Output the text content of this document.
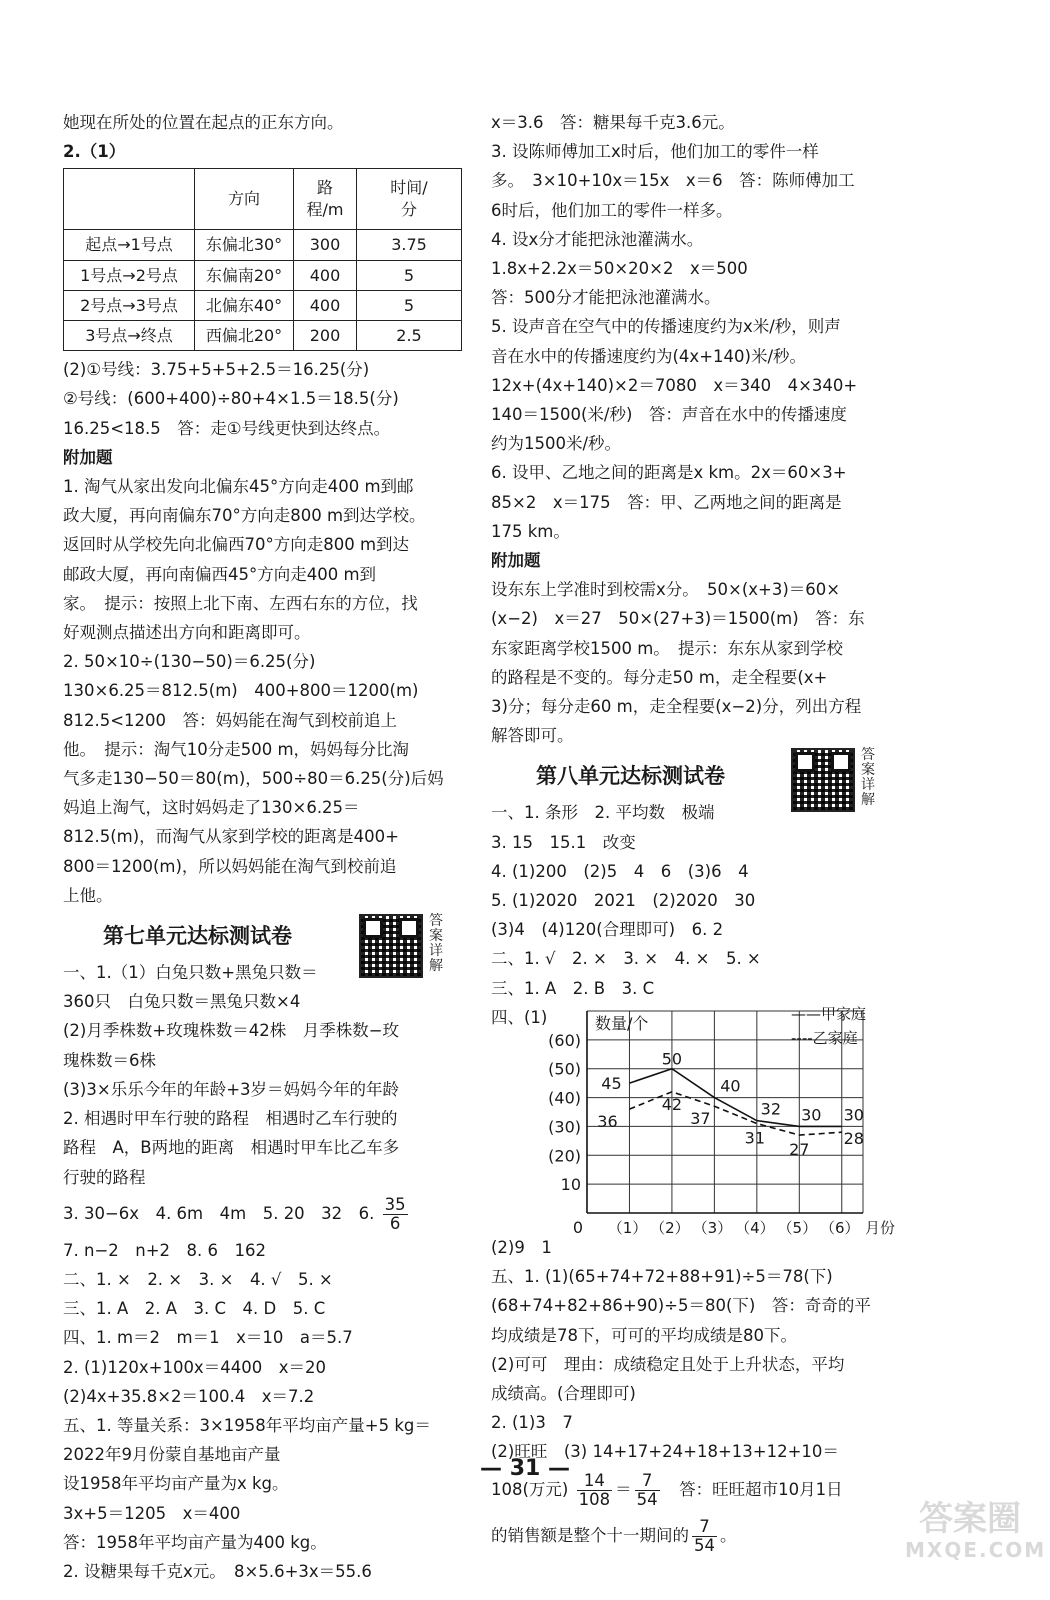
她现在所处的位置在起点的正东方向。
2.（1）
	方向	路程/m	时间/分
起点→1号点	东偏北30°	300	3.75
1号点→2号点	东偏南20°	400	5
2号点→3号点	北偏东40°	400	5
3号点→终点	西偏北20°	200	2.5
(2)①号线：3.75+5+5+2.5＝16.25(分)
②号线：(600+400)÷80+4×1.5＝18.5(分)
16.25<18.5　答：走①号线更快到达终点。
附加题
1. 淘气从家出发向北偏东45°方向走400 m到邮
政大厦，再向南偏东70°方向走800 m到达学校。
返回时从学校先向北偏西70°方向走800 m到达
邮政大厦，再向南偏西45°方向走400 m到
家。　提示：按照上北下南、左西右东的方位，找
好观测点描述出方向和距离即可。
2. 50×10÷(130−50)＝6.25(分)
130×6.25＝812.5(m)　400+800＝1200(m)
812.5<1200　答：妈妈能在淘气到校前追上
他。　提示：淘气10分走500 m，妈妈每分比淘
气多走130−50＝80(m)，500÷80＝6.25(分)后妈
妈追上淘气，这时妈妈走了130×6.25＝
812.5(m)，而淘气从家到学校的距离是400+
800＝1200(m)，所以妈妈能在淘气到校前追
上他。
第七单元达标测试卷
答案详解
一、1.（1）白兔只数+黑兔只数＝
360只　白兔只数＝黑兔只数×4
(2)月季株数+玫瑰株数＝42株　月季株数−玫
瑰株数＝6株
(3)3×乐乐今年的年龄+3岁＝妈妈今年的年龄
2. 相遇时甲车行驶的路程　相遇时乙车行驶的
路程　A，B两地的距离　相遇时甲车比乙车多
行驶的路程
3. 30−6x　4. 6m　4m　5. 20　32　6. $\frac{35}{6}$
7. n−2　n+2　8. 6　162
二、1. ×　2. ×　3. ×　4. √　5. ×
三、1. A　2. A　3. C　4. D　5. C
四、1. m＝2　m＝1　x＝10　a＝5.7
2. (1)120x+100x＝4400　x＝20
(2)4x+35.8×2＝100.4　x＝7.2
五、1. 等量关系：3×1958年平均亩产量+5 kg＝
2022年9月份蒙自基地亩产量
设1958年平均亩产量为x kg。
3x+5＝1205　x＝400
答：1958年平均亩产量为400 kg。
2. 设糖果每千克x元。　8×5.6+3x＝55.6
x＝3.6　答：糖果每千克3.6元。
3. 设陈师傅加工x时后，他们加工的零件一样
多。　3×10+10x＝15x　x＝6　答：陈师傅加工
6时后，他们加工的零件一样多。
4. 设x分才能把泳池灌满水。
1.8x+2.2x＝50×20×2　x＝500
答：500分才能把泳池灌满水。
5. 设声音在空气中的传播速度约为x米/秒，则声
音在水中的传播速度约为(4x+140)米/秒。
12x+(4x+140)×2＝7080　x＝340　4×340+
140＝1500(米/秒)　答：声音在水中的传播速度
约为1500米/秒。
6. 设甲、乙地之间的距离是x km。2x＝60×3+
85×2　x＝175　答：甲、乙两地之间的距离是
175 km。
附加题
设东东上学准时到校需x分。　50×(x+3)＝60×
(x−2)　x＝27　50×(27+3)＝1500(m)　答：东
东家距离学校1500 m。　提示：东东从家到学校
的路程是不变的。每分走50 m，走全程要(x+
3)分；每分走60 m，走全程要(x−2)分，列出方程
解答即可。
第八单元达标测试卷
答案详解
一、1. 条形　2. 平均数　极端
3. 15　15.1　改变
4. (1)200　(2)5　4　6　(3)6　4
5. (1)2020　2021　(2)2020　30
(3)4　(4)120(合理即可)　6. 2
二、1. √　2. ×　3. ×　4. ×　5. ×
三、1. A　2. B　3. C
四、(1)
10
(20)
(30)
(40)
(50)
(60)
（1） （2） （3） （4） （5） （6）
0	月份
数量/个	——甲家庭
----乙家庭
45
50
40
32 30 30
36
42
37
31
27
28
(2)9　1
五、1. (1)(65+74+72+88+91)÷5＝78(下)
(68+74+82+86+90)÷5＝80(下)　答：奇奇的平
均成绩是78下，可可的平均成绩是80下。
(2)可可　理由：成绩稳定且处于上升状态，平均
成绩高。(合理即可)
2. (1)3　7
(2)旺旺　(3) 14+17+24+18+13+12+10＝
108(万元) $\frac{14}{108} = \frac{7}{54}$ 　答：旺旺超市10月1日
的销售额是整个十一期间的 $\frac{7}{54}$ 。
— 31 —
答案圈
MXQE.COM
